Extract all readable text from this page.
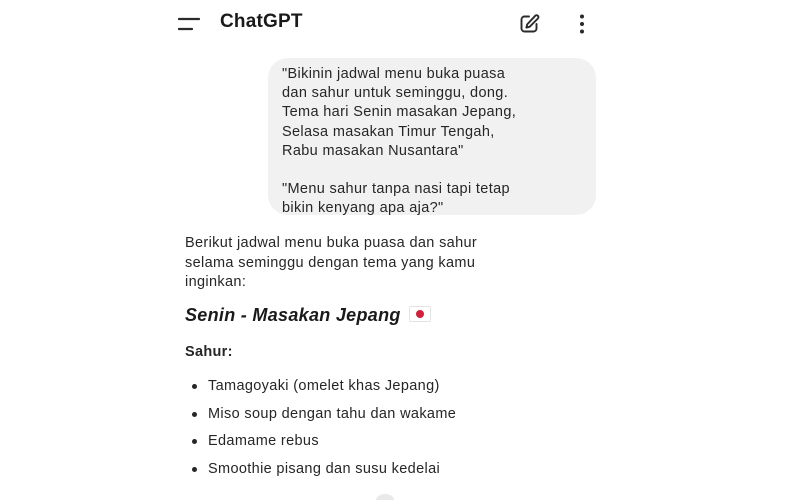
ChatGPT

"Bikinin jadwal menu buka puasa
dan sahur untuk seminggu, dong.
Tema hari Senin masakan Jepang,
Selasa masakan Timur Tengah,
Rabu masakan Nusantara"

"Menu sahur tanpa nasi tapi tetap
bikin kenyang apa aja?"

Berikut jadwal menu buka puasa dan sahur
selama seminggu dengan tema yang kamu
inginkan:

Senin - Masakan Jepang

Sahur:

Tamagoyaki (omelet khas Jepang)
Miso soup dengan tahu dan wakame
Edamame rebus
Smoothie pisang dan susu kedelai
